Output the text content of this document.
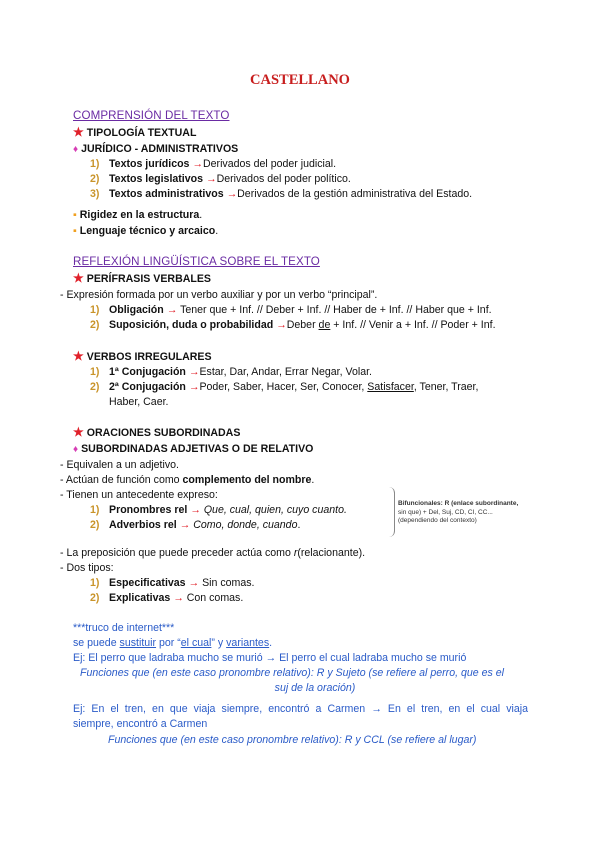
CASTELLANO
COMPRENSIÓN DEL TEXTO
★ TIPOLOGÍA TEXTUAL
♦ JURÍDICO - ADMINISTRATIVOS
1) Textos jurídicos →Derivados del poder judicial.
2) Textos legislativos →Derivados del poder político.
3) Textos administrativos →Derivados de la gestión administrativa del Estado.
▪ Rigidez en la estructura.
▪ Lenguaje técnico y arcaico.
REFLEXIÓN LINGÜÍSTICA SOBRE EL TEXTO
★ PERÍFRASIS VERBALES
- Expresión formada por un verbo auxiliar y por un verbo “principal”.
1) Obligación → Tener que + Inf. // Deber + Inf. // Haber de + Inf. // Haber que + Inf.
2) Suposición, duda o probabilidad →Deber de + Inf. // Venir a + Inf. // Poder + Inf.
★ VERBOS IRREGULARES
1) 1ª Conjugación →Estar, Dar, Andar, Errar Negar, Volar.
2) 2ª Conjugación →Poder, Saber, Hacer, Ser, Conocer, Satisfacer, Tener, Traer,
Haber, Caer.
★ ORACIONES SUBORDINADAS
♦ SUBORDINADAS ADJETIVAS O DE RELATIVO
- Equivalen a un adjetivo.
- Actúan de función como complemento del nombre.
- Tienen un antecedente expreso:
1) Pronombres rel → Que, cual, quien, cuyo cuanto.
2) Adverbios rel → Como, donde, cuando.
Bifuncionales: R (enlace subordinante,
sin que) + Del, Suj, CD, CI, CC...
(dependiendo del contexto)
- La preposición que puede preceder actúa como r(relacionante).
- Dos tipos:
1) Especificativas → Sin comas.
2) Explicativas → Con comas.
***truco de internet***
se puede sustituir por “el cual” y variantes.
Ej: El perro que ladraba mucho se murió → El perro el cual ladraba mucho se murió
Funciones que (en este caso pronombre relativo): R y Sujeto (se refiere al perro, que es el
suj de la oración)
Ej: En el tren, en que viaja siempre, encontró a Carmen → En el tren, en el cual viaja
siempre, encontró a Carmen
Funciones que (en este caso pronombre relativo): R y CCL (se refiere al lugar)
